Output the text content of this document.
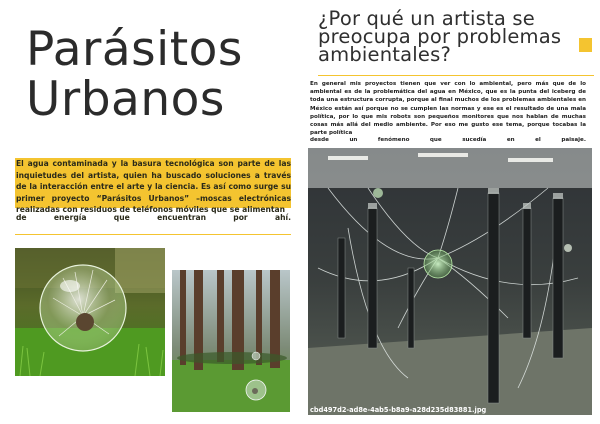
Parásitos
Urbanos
El agua contaminada y la basura tecnológica son parte de las inquietudes del artista, quien ha buscado soluciones a través de la interacción entre el arte y la ciencia. Es así como surge su primer proyecto “Parásitos Urbanos” –moscas electrónicas realizadas con residuos de teléfonos móviles que se alimentan
de	energía	que	encuentran	por	ahí.
¿Por qué un artista se preocupa por problemas ambientales?
En general mis proyectos tienen que ver con lo ambiental, pero más que de lo ambiental es de la problemática del agua en México, que es la punta del iceberg de toda una estructura corrupta, porque al final muchos de los problemas ambientales en México están así porque no se cumplen las normas y ese es el resultado de una mala política, por lo que mis robots son pequeños monitores que nos hablan de muchas cosas más allá del medio ambiente. Por eso me gusto ese tema, porque tocabas la parte política
desde	un	fenómeno	que	sucedía	en	el	paisaje.
cbd497d2-ad8e-4ab5-b8a9-a28d235d83881.jpg
